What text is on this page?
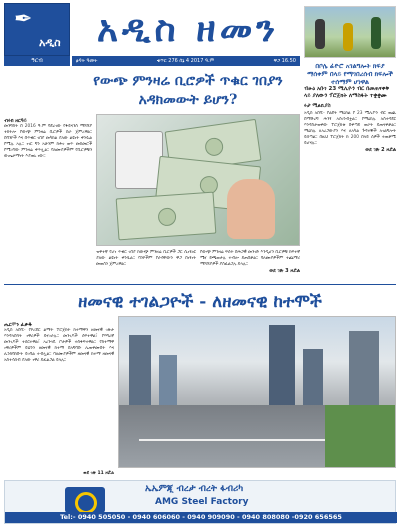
✒
አዲስ
ዓርብ
አዲስ ዘመን
ፅዳት ዓመት	ቁጥር 276 ሰኔ 4 2017 ዓ.ም	ዋጋ 16.50
በቦሌ ፊዮሮ አገልግሎት ክፍያ ማሰቀም በላይ የማገበረሰብ ክፍሎች ተሰማም ሆነዋል
የውጭ ምንዛሬ ቢሮዎች ጥቁር ገበያን አዳክመውት ይሆን?
ብሩክ ዘርዓይ
መንግስት በ 2016 ዓ.ም ባደረገው የፋይናንስ ማሻሻያ ተከትሎ የውጭ ምንዛሬ ቢሮዎች ስራ ጀምረዋል። በባንኮች እና በጥቁር ገበያ መካከል ያለው ልዩነት ቀንሷል የሚሉ አሉ። ነገር ግን አሁንም ከሕገ ወጥ መስመሮች የሚገኘው ምንዛሬ ቀጥሏል። ባለሙያዎችም የቢሮዎቹን ውጤታማነት እያጠኑ ነው።
ዝቅተኛ የሆነ ጥቁር ገበያ ከውጭ ምንዛሬ ቢሮዎች ጋር ሲነፃፀር ያለው ልዩነት ቀንሷል። ባንኮችም የራሳቸውን ዋጋ በነፃነት መወሰን ጀምረዋል።
የውጭ ምንዛሬ ፍሰት በሕጋዊ መንገድ እንዲሆን ቢሮዎቹ ከፍተኛ ሚና ይጫወታሉ ተብሎ ይጠበቃል። ባለሙያዎችም ተጨማሪ ማሻሻያዎች ያስፈልጋሉ ይላሉ።
ወደ ገጽ 3 ዞሯል
ብፁዕ አቡነ 23 ሚሊዮን ብር በመጠናቀቅ ላይ ያለውን ፕሮጀክት ለማስፋት ተቋቋሙ
ሩታ ሚልኪያስ
አዲስ አበባ፡- የልደት ማዕከል የ 23 ሚሊዮን ብር ወጪ በማድረግ ሕንፃ አስገንብቷል። የማዕከሉ አስተዳደር እንዳስታወቀው ፕሮጀክቱ በቀጣይ ወራት ይጠናቀቃል። ማዕከሉ ለአረጋውያን እና ለአካል ጉዳተኞች አገልግሎት ይሰጣል። በዚህ ፕሮጀክት ከ 200 በላይ ሰዎች ተጠቃሚ ይሆናሉ።
ወደ ገጽ 2 ዞሯል
ዘመናዊ ተገልጋዮች - ለዘመናዊ ከተሞች
ሔርሞን ፈቃዱ
አዲስ አበባ፡- የኮሪደር ልማት ፕሮጀክት ከተማዋን ዘመናዊ ገጽታ እንዳላበሳት ነዋሪዎች ይናገራሉ። መንገዶች ሰፍተዋል፣ የእግረኛ መንገዶች ተሰርተዋል፣ አረንጓዴ ቦታዎች ተስፋፍተዋል። የከተማዋ ነዋሪዎችም ይህንን ዘመናዊ ከተማ በአግባቡ ሊጠቀሙበት እና ሊንከባከቡት ይገባል ተብሏል። ባለሙያዎችም ዘመናዊ ከተማ ዘመናዊ አስተሳሰብ ያለው ነዋሪ ይፈልጋል ይላሉ።
ወደ ገጽ 11 ዞሯል
ኤኤምጂ ብረታ ብረት ፋብሪካ
AMG Steel Factory
Tel:- 0940 505050 - 0940 606060 - 0940 909090 - 0940 808080 -0920 656565
